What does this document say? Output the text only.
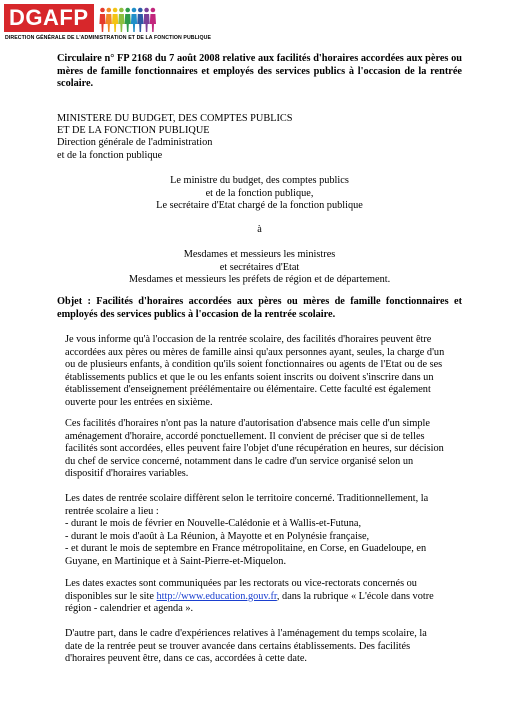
DGAFP
DIRECTION GÉNÉRALE DE L'ADMINISTRATION ET DE LA FONCTION PUBLIQUE
Circulaire n° FP 2168 du 7 août 2008 relative aux facilités d'horaires accordées aux pères ou mères de famille fonctionnaires et employés des services publics à l'occasion de la rentrée scolaire.
MINISTERE DU BUDGET, DES COMPTES PUBLICS
ET DE LA FONCTION PUBLIQUE
Direction générale de l'administration
et de la fonction publique
Le ministre du budget, des comptes publics
et de la fonction publique,
Le secrétaire d'Etat chargé de la fonction publique
à
Mesdames et messieurs les ministres
et secrétaires d'Etat
Mesdames et messieurs les préfets de région et de département.
Objet : Facilités d'horaires accordées aux pères ou mères de famille fonctionnaires et employés des services publics à l'occasion de la rentrée scolaire.
Je vous informe qu'à l'occasion de la rentrée scolaire, des facilités d'horaires peuvent être
accordées aux pères ou mères de famille ainsi qu'aux personnes ayant, seules, la charge d'un
ou de plusieurs enfants, à condition qu'ils soient fonctionnaires ou agents de l'Etat ou de ses
établissements publics et que le ou les enfants soient inscrits ou doivent s'inscrire dans un
établissement d'enseignement préélémentaire ou élémentaire. Cette faculté est également
ouverte pour les entrées en sixième.
Ces facilités d'horaires n'ont pas la nature d'autorisation d'absence mais celle d'un simple
aménagement d'horaire, accordé ponctuellement. Il convient de préciser que si de telles
facilités sont accordées, elles peuvent faire l'objet d'une récupération en heures, sur décision
du chef de service concerné, notamment dans le cadre d'un service organisé selon un
dispositif d'horaires variables.
Les dates de rentrée scolaire diffèrent selon le territoire concerné. Traditionnellement, la
rentrée scolaire a lieu :
- durant le mois de février en Nouvelle-Calédonie et à Wallis-et-Futuna,
- durant le mois d'août à La Réunion, à Mayotte et en Polynésie française,
- et durant le mois de septembre en France métropolitaine, en Corse, en Guadeloupe, en
Guyane, en Martinique et à Saint-Pierre-et-Miquelon.
Les dates exactes sont communiquées par les rectorats ou vice-rectorats concernés ou
disponibles sur le site http://www.education.gouv.fr, dans la rubrique « L'école dans votre
région - calendrier et agenda ».
D'autre part, dans le cadre d'expériences relatives à l'aménagement du temps scolaire, la
date de la rentrée peut se trouver avancée dans certains établissements. Des facilités
d'horaires peuvent être, dans ce cas, accordées à cette date.
